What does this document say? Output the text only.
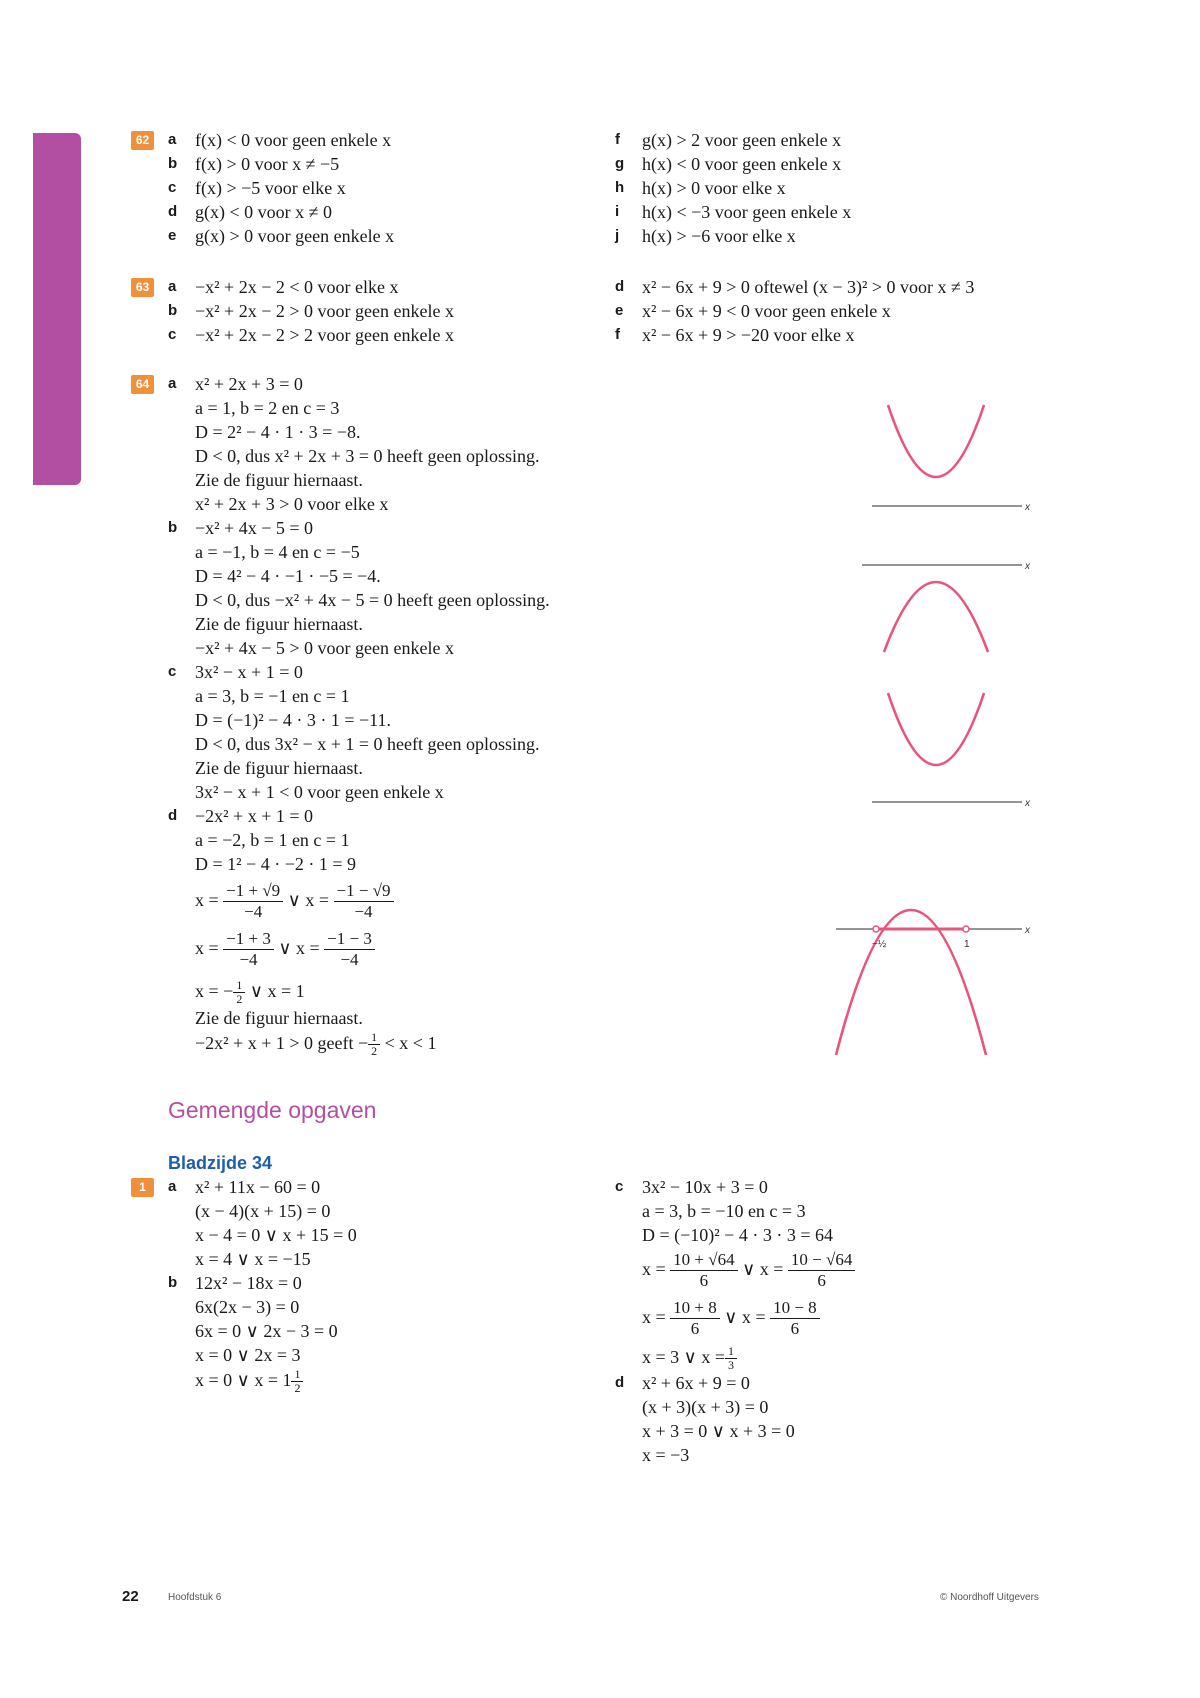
62	a	f(x) < 0 voor geen enkele x
b f(x) > 0 voor x ≠ −5
c	f(x) > −5 voor elke x
d g(x) < 0 voor x ≠ 0
e	g(x) > 0 voor geen enkele x
f	g(x) > 2 voor geen enkele x
g h(x) < 0 voor geen enkele x
h h(x) > 0 voor elke x
i	h(x) < −3 voor geen enkele x
j	h(x) > −6 voor elke x
63	a	−x² + 2x − 2 < 0 voor elke x
b −x² + 2x − 2 > 0 voor geen enkele x
c	−x² + 2x − 2 > 2 voor geen enkele x
d x² − 6x + 9 > 0 oftewel (x − 3)² > 0 voor x ≠ 3
e	x² − 6x + 9 < 0 voor geen enkele x
f	x² − 6x + 9 > −20 voor elke x
64	a	x² + 2x + 3 = 0
a = 1, b = 2 en c = 3
D = 2² − 4 · 1 · 3 = −8.
D < 0, dus x² + 2x + 3 = 0 heeft geen oplossing.
Zie de figuur hiernaast.
x² + 2x + 3 > 0 voor elke x
b −x² + 4x − 5 = 0
a = −1, b = 4 en c = −5
D = 4² − 4 · −1 · −5 = −4.
D < 0, dus −x² + 4x − 5 = 0 heeft geen oplossing.
Zie de figuur hiernaast.
−x² + 4x − 5 > 0 voor geen enkele x
c	3x² − x + 1 = 0
a = 3, b = −1 en c = 1
D = (−1)² − 4 · 3 · 1 = −11.
D < 0, dus 3x² − x + 1 = 0 heeft geen oplossing.
Zie de figuur hiernaast.
3x² − x + 1 < 0 voor geen enkele x
d −2x² + x + 1 = 0
a = −2, b = 1 en c = 1
D = 1² − 4 · −2 · 1 = 9
$x = \frac{-1 + √9}{-4}$ ∨ $x = \frac{-1 - √9}{-4}$
$x = \frac{-1 + 3}{-4}$ ∨ $x = \frac{-1 - 3}{-4}$
x = − $\frac{1}{2}$ ∨ x = 1
Zie de figuur hiernaast.
−2x² + x + 1 > 0 geeft − $\frac{1}{2} < x < 1$
x
x
x
x
−½	1
Gemengde opgaven
Bladzijde 34
1	a	x² + 11x − 60 = 0
(x − 4)(x + 15) = 0
x − 4 = 0 ∨ x + 15 = 0
x = 4 ∨ x = −15
b 12x² − 18x = 0
6x(2x − 3) = 0
6x = 0 ∨ 2x − 3 = 0
x = 0 ∨ 2x = 3
x = 0 ∨ $x = 1 \frac{1}{2}$
c	3x² − 10x + 3 = 0
a = 3, b = −10 en c = 3
D = (−10)² − 4 · 3 · 3 = 64
$x = \frac{10 + √64}{6}$ ∨ $x = \frac{10 - √64}{6}$
$x = \frac{10 + 8}{6}$ ∨ $x = \frac{10 - 8}{6}$
x = 3 ∨ $x = \frac{1}{3}$
d x² + 6x + 9 = 0
(x + 3)(x + 3) = 0
x + 3 = 0 ∨ x + 3 = 0
x = −3
22	Hoofdstuk 6	© Noordhoff Uitgevers
